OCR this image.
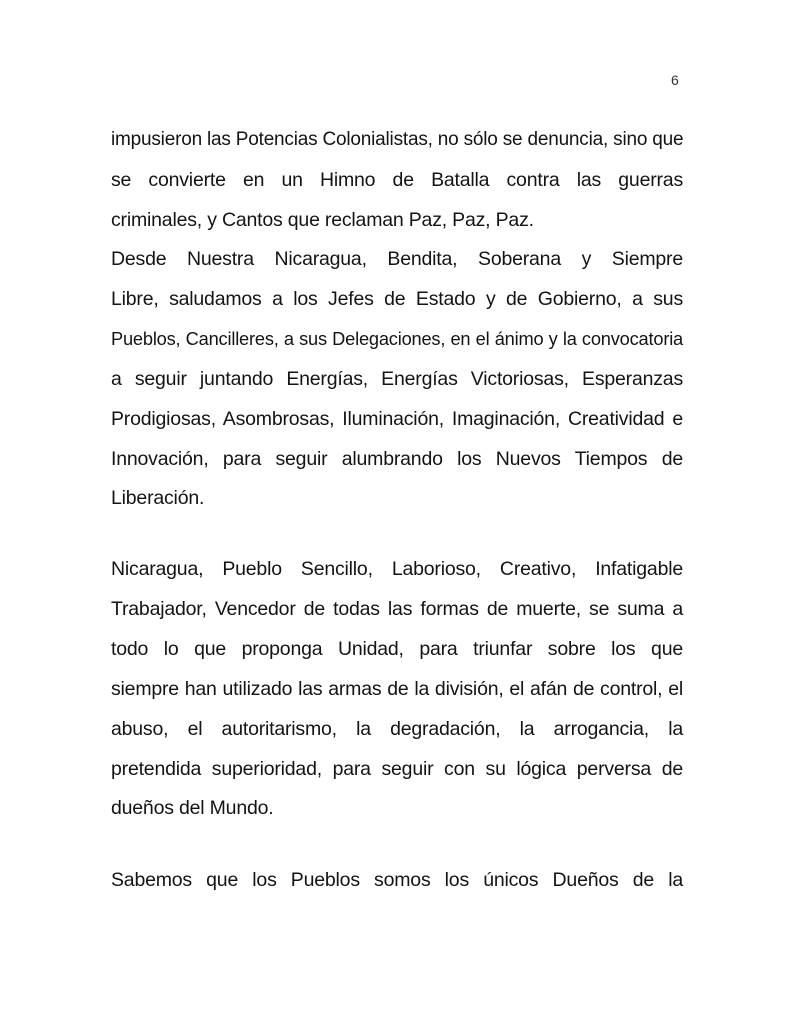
6
impusieron las Potencias Colonialistas, no sólo se denuncia, sino que
se convierte en un Himno de Batalla contra las guerras
criminales, y Cantos que reclaman Paz, Paz, Paz.
Desde Nuestra Nicaragua, Bendita, Soberana y Siempre
Libre, saludamos a los Jefes de Estado y de Gobierno, a sus
Pueblos, Cancilleres, a sus Delegaciones, en el ánimo y la convocatoria
a seguir juntando Energías, Energías Victoriosas, Esperanzas
Prodigiosas, Asombrosas, Iluminación, Imaginación, Creatividad e
Innovación, para seguir alumbrando los Nuevos Tiempos de
Liberación.
Nicaragua, Pueblo Sencillo, Laborioso, Creativo, Infatigable
Trabajador, Vencedor de todas las formas de muerte, se suma a
todo lo que proponga Unidad, para triunfar sobre los que
siempre han utilizado las armas de la división, el afán de control, el
abuso, el autoritarismo, la degradación, la arrogancia, la
pretendida superioridad, para seguir con su lógica perversa de
dueños del Mundo.
Sabemos que los Pueblos somos los únicos Dueños de la
